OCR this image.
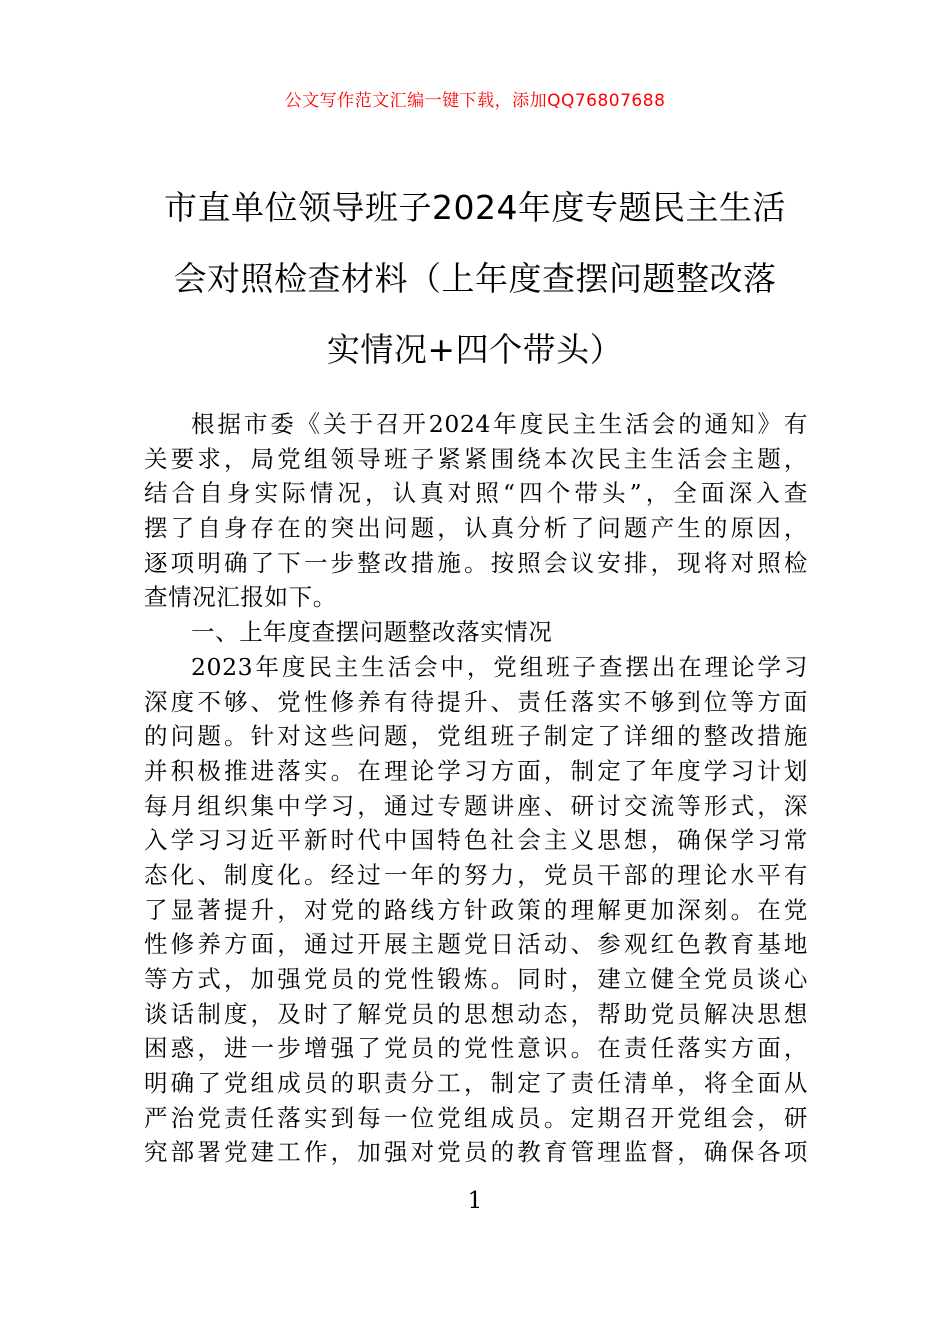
公文写作范文汇编一键下载，添加QQ76807688
市直单位领导班子2024年度专题民主生活
会对照检查材料（上年度查摆问题整改落
实情况+四个带头）
根据市委《关于召开2024年度民主生活会的通知》有
关要求，局党组领导班子紧紧围绕本次民主生活会主题，
结合自身实际情况，认真对照“四个带头”，全面深入查
摆了自身存在的突出问题，认真分析了问题产生的原因，
逐项明确了下一步整改措施。按照会议安排，现将对照检
查情况汇报如下。
一、上年度查摆问题整改落实情况
2023年度民主生活会中，党组班子查摆出在理论学习
深度不够、党性修养有待提升、责任落实不够到位等方面
的问题。针对这些问题，党组班子制定了详细的整改措施
并积极推进落实。在理论学习方面，制定了年度学习计划
每月组织集中学习，通过专题讲座、研讨交流等形式，深
入学习习近平新时代中国特色社会主义思想，确保学习常
态化、制度化。经过一年的努力，党员干部的理论水平有
了显著提升，对党的路线方针政策的理解更加深刻。在党
性修养方面，通过开展主题党日活动、参观红色教育基地
等方式，加强党员的党性锻炼。同时，建立健全党员谈心
谈话制度，及时了解党员的思想动态，帮助党员解决思想
困惑，进一步增强了党员的党性意识。在责任落实方面，
明确了党组成员的职责分工，制定了责任清单，将全面从
严治党责任落实到每一位党组成员。定期召开党组会，研
究部署党建工作，加强对党员的教育管理监督，确保各项
1
